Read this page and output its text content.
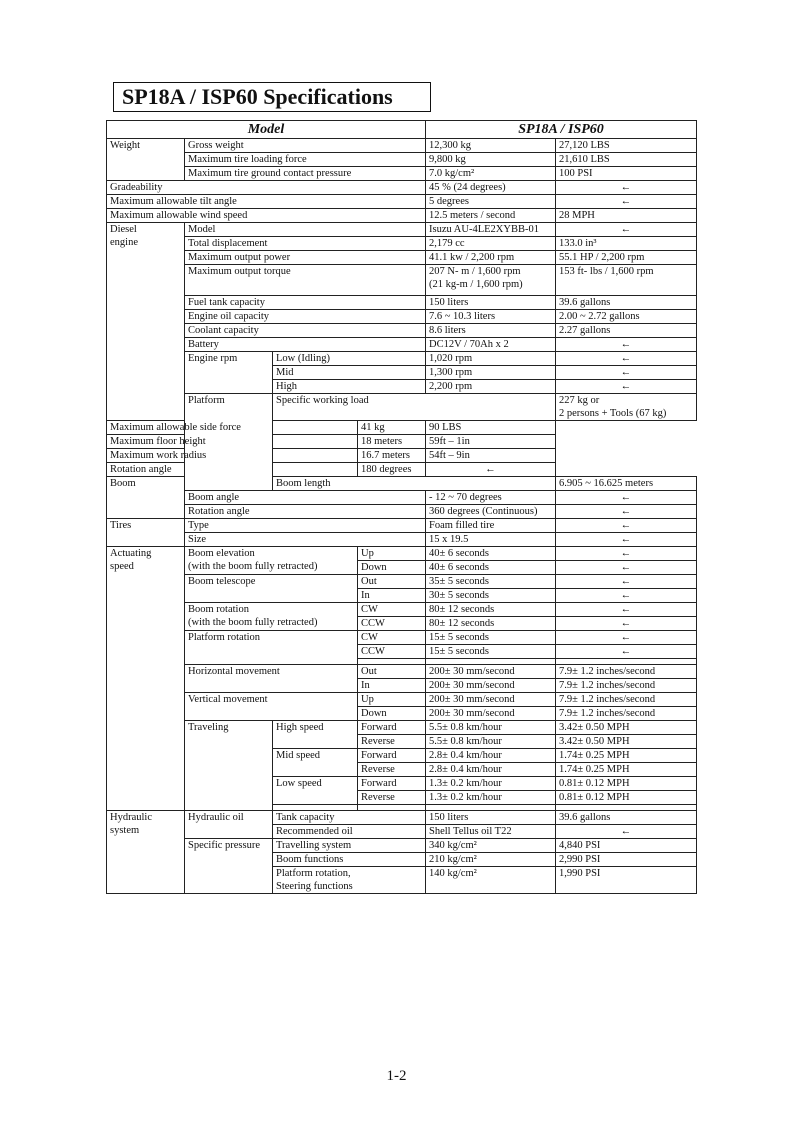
SP18A / ISP60 Specifications
Model				SP18A / ISP60		
Weight	Gross weight			12,300 kg	27,120 LBS	
	Maximum tire loading force			9,800 kg	21,610 LBS	
	Maximum tire ground contact pressure			7.0 kg/cm²	100 PSI	
Gradeability				45 % (24 degrees)	←	
Maximum allowable tilt angle				5 degrees	←	
Maximum allowable wind speed				12.5 meters / second	28 MPH	
Diesel
engine	Model			Isuzu AU-4LE2XYBB-01	←	
	Total displacement			2,179 cc	133.0 in³	
	Maximum output power			41.1 kw / 2,200 rpm	55.1 HP / 2,200 rpm	
	Maximum output torque			207 N- m / 1,600 rpm
(21 kg-m / 1,600 rpm)	153 ft- lbs / 1,600 rpm	
	Fuel tank capacity			150 liters	39.6 gallons	
	Engine oil capacity			7.6 ~ 10.3 liters	2.00 ~ 2.72 gallons	
	Coolant capacity			8.6 liters	2.27 gallons	
	Battery			DC12V / 70Ah x 2	←	
	Engine rpm	Low (Idling)		1,020 rpm	←	
		Mid		1,300 rpm	←	
		High		2,200 rpm	←	
	Platform	Specific working load			227 kg or
2 persons + Tools (67 kg)	

Maximum allowable side force			41 kg	90 LBS		
Maximum floor height			18 meters	59ft – 1in		
Maximum work radius			16.7 meters	54ft – 9in		
Rotation angle			180 degrees	←		
Boom		Boom length			6.905 ~ 16.625 meters	
	Boom angle			- 12 ~ 70 degrees	←	
	Rotation angle			360 degrees (Continuous)	←	
Tires	Type			Foam filled tire	←	
	Size			15 x 19.5	←	
Actuating
speed	Boom elevation
(with the boom fully retracted)		Up	40± 6 seconds	←	
			Down	40± 6 seconds	←	
	Boom telescope		Out	35± 5 seconds	←	
			In	30± 5 seconds	←	
	Boom rotation
(with the boom fully retracted)		CW	80± 12 seconds	←	
			CCW	80± 12 seconds	←	
	Platform rotation		CW	15± 5 seconds	←	
			CCW	15± 5 seconds	←	

	Horizontal movement		Out	200± 30 mm/second	7.9± 1.2 inches/second	
			In	200± 30 mm/second	7.9± 1.2 inches/second	
	Vertical movement		Up	200± 30 mm/second	7.9± 1.2 inches/second	
			Down	200± 30 mm/second	7.9± 1.2 inches/second	
	Traveling	High speed	Forward	5.5± 0.8 km/hour	3.42± 0.50 MPH	
			Reverse	5.5± 0.8 km/hour	3.42± 0.50 MPH	
		Mid speed	Forward	2.8± 0.4 km/hour	1.74± 0.25 MPH	
			Reverse	2.8± 0.4 km/hour	1.74± 0.25 MPH	
		Low speed	Forward	1.3± 0.2 km/hour	0.81± 0.12 MPH	
			Reverse	1.3± 0.2 km/hour	0.81± 0.12 MPH	

Hydraulic
system	Hydraulic oil	Tank capacity		150 liters	39.6 gallons	
		Recommended oil		Shell Tellus oil T22	←	
	Specific pressure	Travelling system		340 kg/cm²	4,840 PSI	
		Boom functions		210 kg/cm²	2,990 PSI	
		Platform rotation,
Steering functions		140 kg/cm²	1,990 PSI	
1-2
